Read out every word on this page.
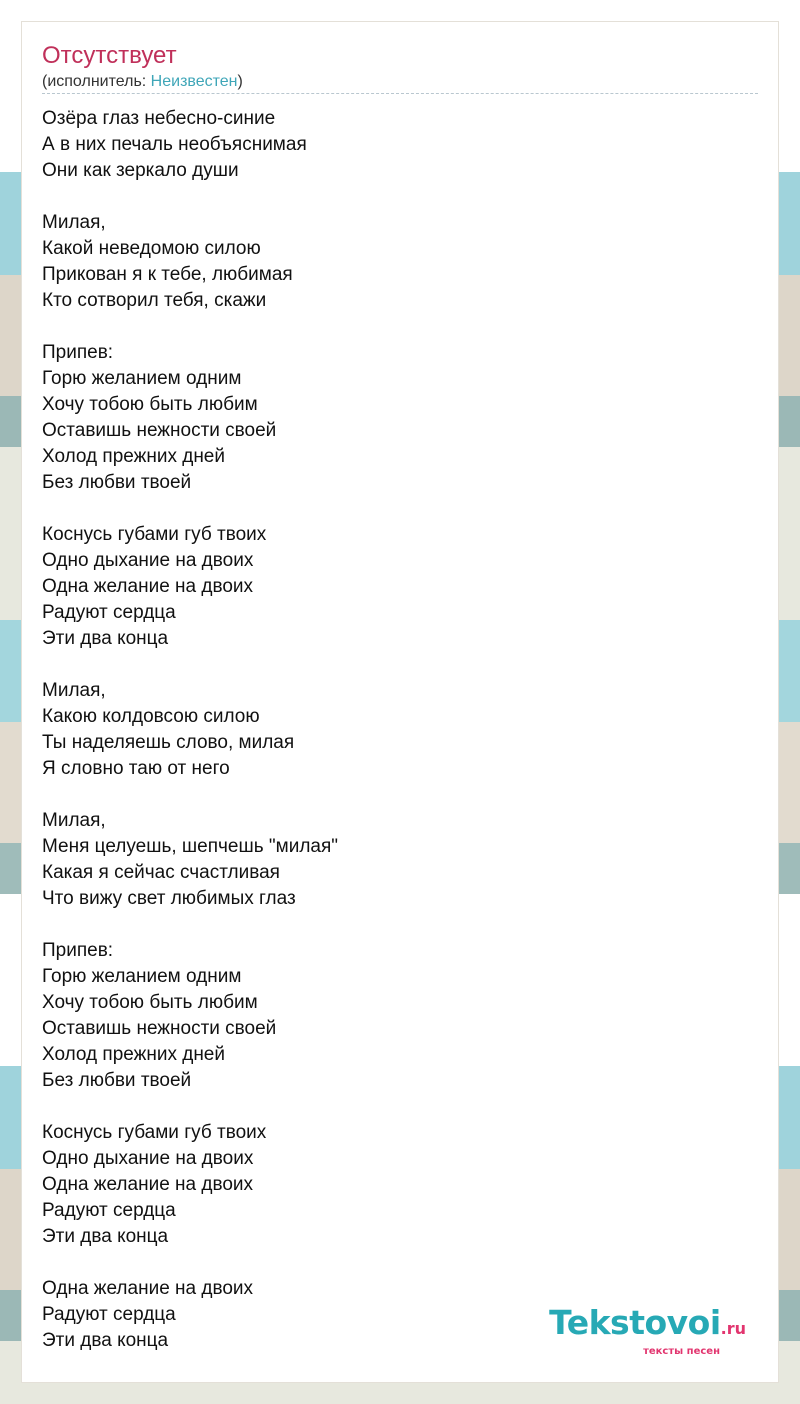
Отсутствует
(исполнитель: Неизвестен)
Озёра глаз небесно-синие
А в них печаль необъяснимая
Они как зеркало души
Милая,
Какой неведомою силою
Прикован я к тебе, любимая
Кто сотворил тебя, скажи
Припев:
Горю желанием одним
Хочу тобою быть любим
Оставишь нежности своей
Холод прежних дней
Без любви твоей
Коснусь губами губ твоих
Одно дыхание на двоих
Одна желание на двоих
Радуют сердца
Эти два конца
Милая,
Какою колдовсою силою
Ты наделяешь слово, милая
Я словно таю от него
Милая,
Меня целуешь, шепчешь "милая"
Какая я сейчас счастливая
Что вижу свет любимых глаз
Припев:
Горю желанием одним
Хочу тобою быть любим
Оставишь нежности своей
Холод прежних дней
Без любви твоей
Коснусь губами губ твоих
Одно дыхание на двоих
Одна желание на двоих
Радуют сердца
Эти два конца
Одна желание на двоих
Радуют сердца
Эти два конца	Tekstovoi.ru
тексты песен
